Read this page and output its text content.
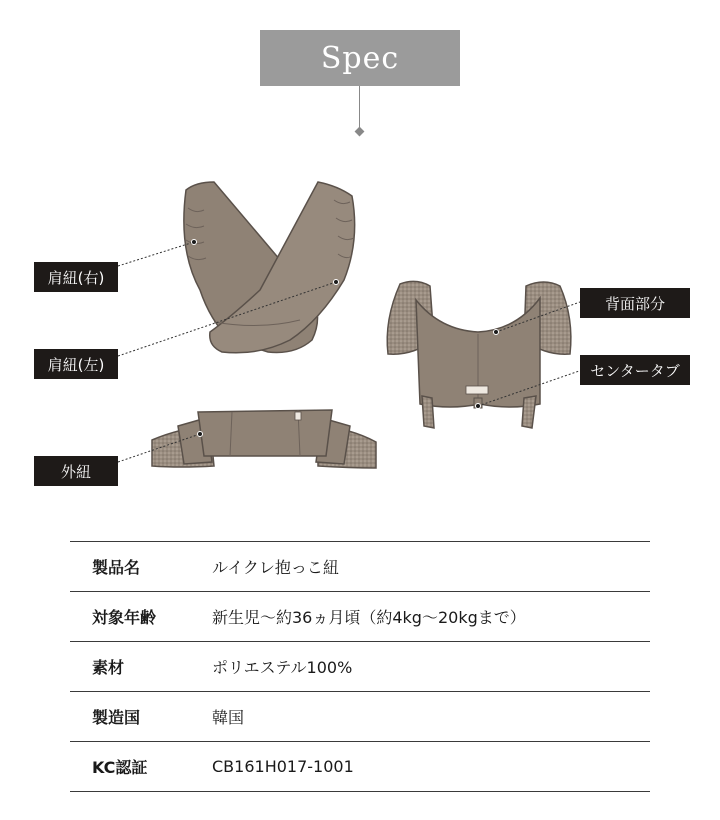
Spec
肩紐(右)
肩紐(左)
外紐
背面部分
センタータブ
製品名	ルイクレ抱っこ紐
対象年齢	新生児〜約36ヵ月頃（約4kg〜20kgまで）
素材	ポリエステル100%
製造国	韓国
KC認証	CB161H017-1001
